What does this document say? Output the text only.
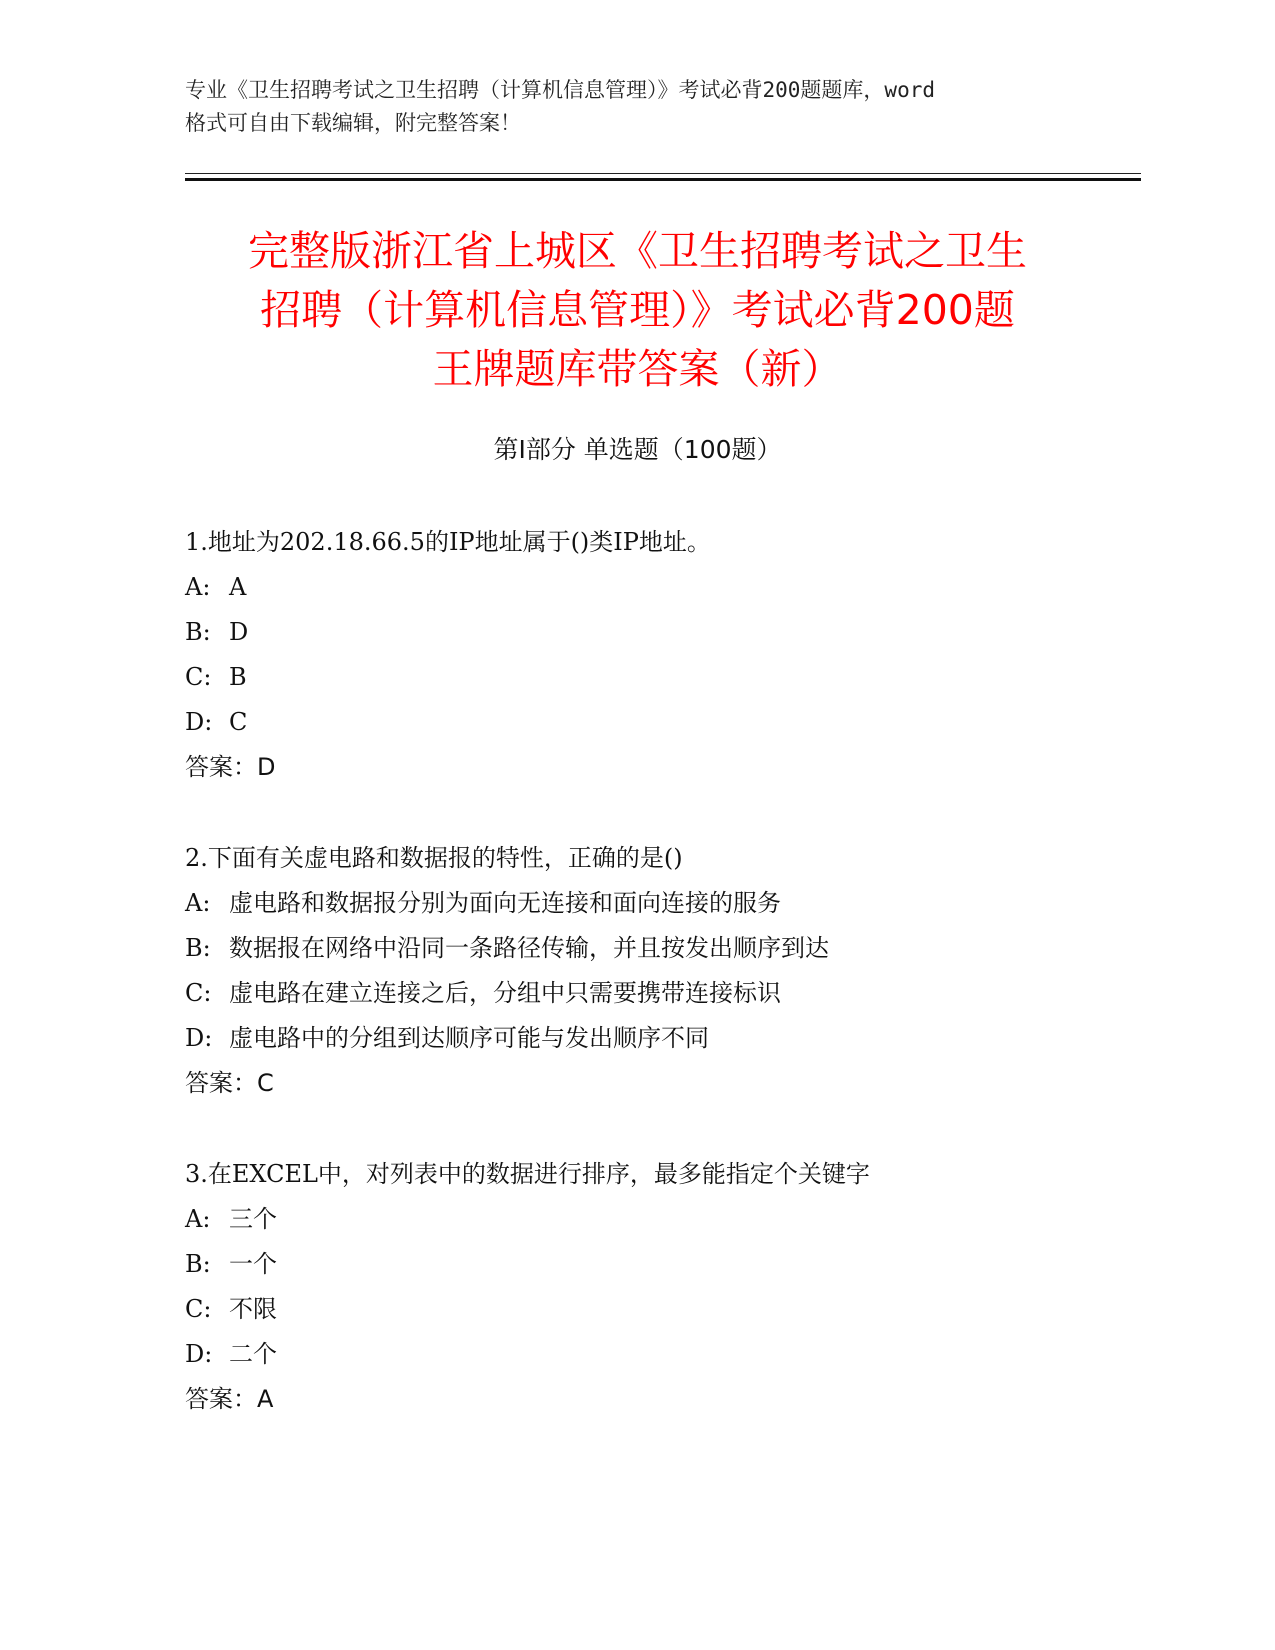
专业《卫生招聘考试之卫生招聘（计算机信息管理）》考试必背200题题库，word
格式可自由下载编辑，附完整答案！
完整版浙江省上城区《卫生招聘考试之卫生
招聘（计算机信息管理）》考试必背200题
王牌题库带答案（新）
第Ⅰ部分 单选题（100题）
1.地址为202.18.66.5的IP地址属于()类IP地址。
A: A
B: D
C: B
D: C
答案：D
2.下面有关虚电路和数据报的特性，正确的是()
A: 虚电路和数据报分别为面向无连接和面向连接的服务
B: 数据报在网络中沿同一条路径传输，并且按发出顺序到达
C: 虚电路在建立连接之后，分组中只需要携带连接标识
D: 虚电路中的分组到达顺序可能与发出顺序不同
答案：C
3.在EXCEL中，对列表中的数据进行排序，最多能指定个关键字
A: 三个
B: 一个
C: 不限
D: 二个
答案：A
